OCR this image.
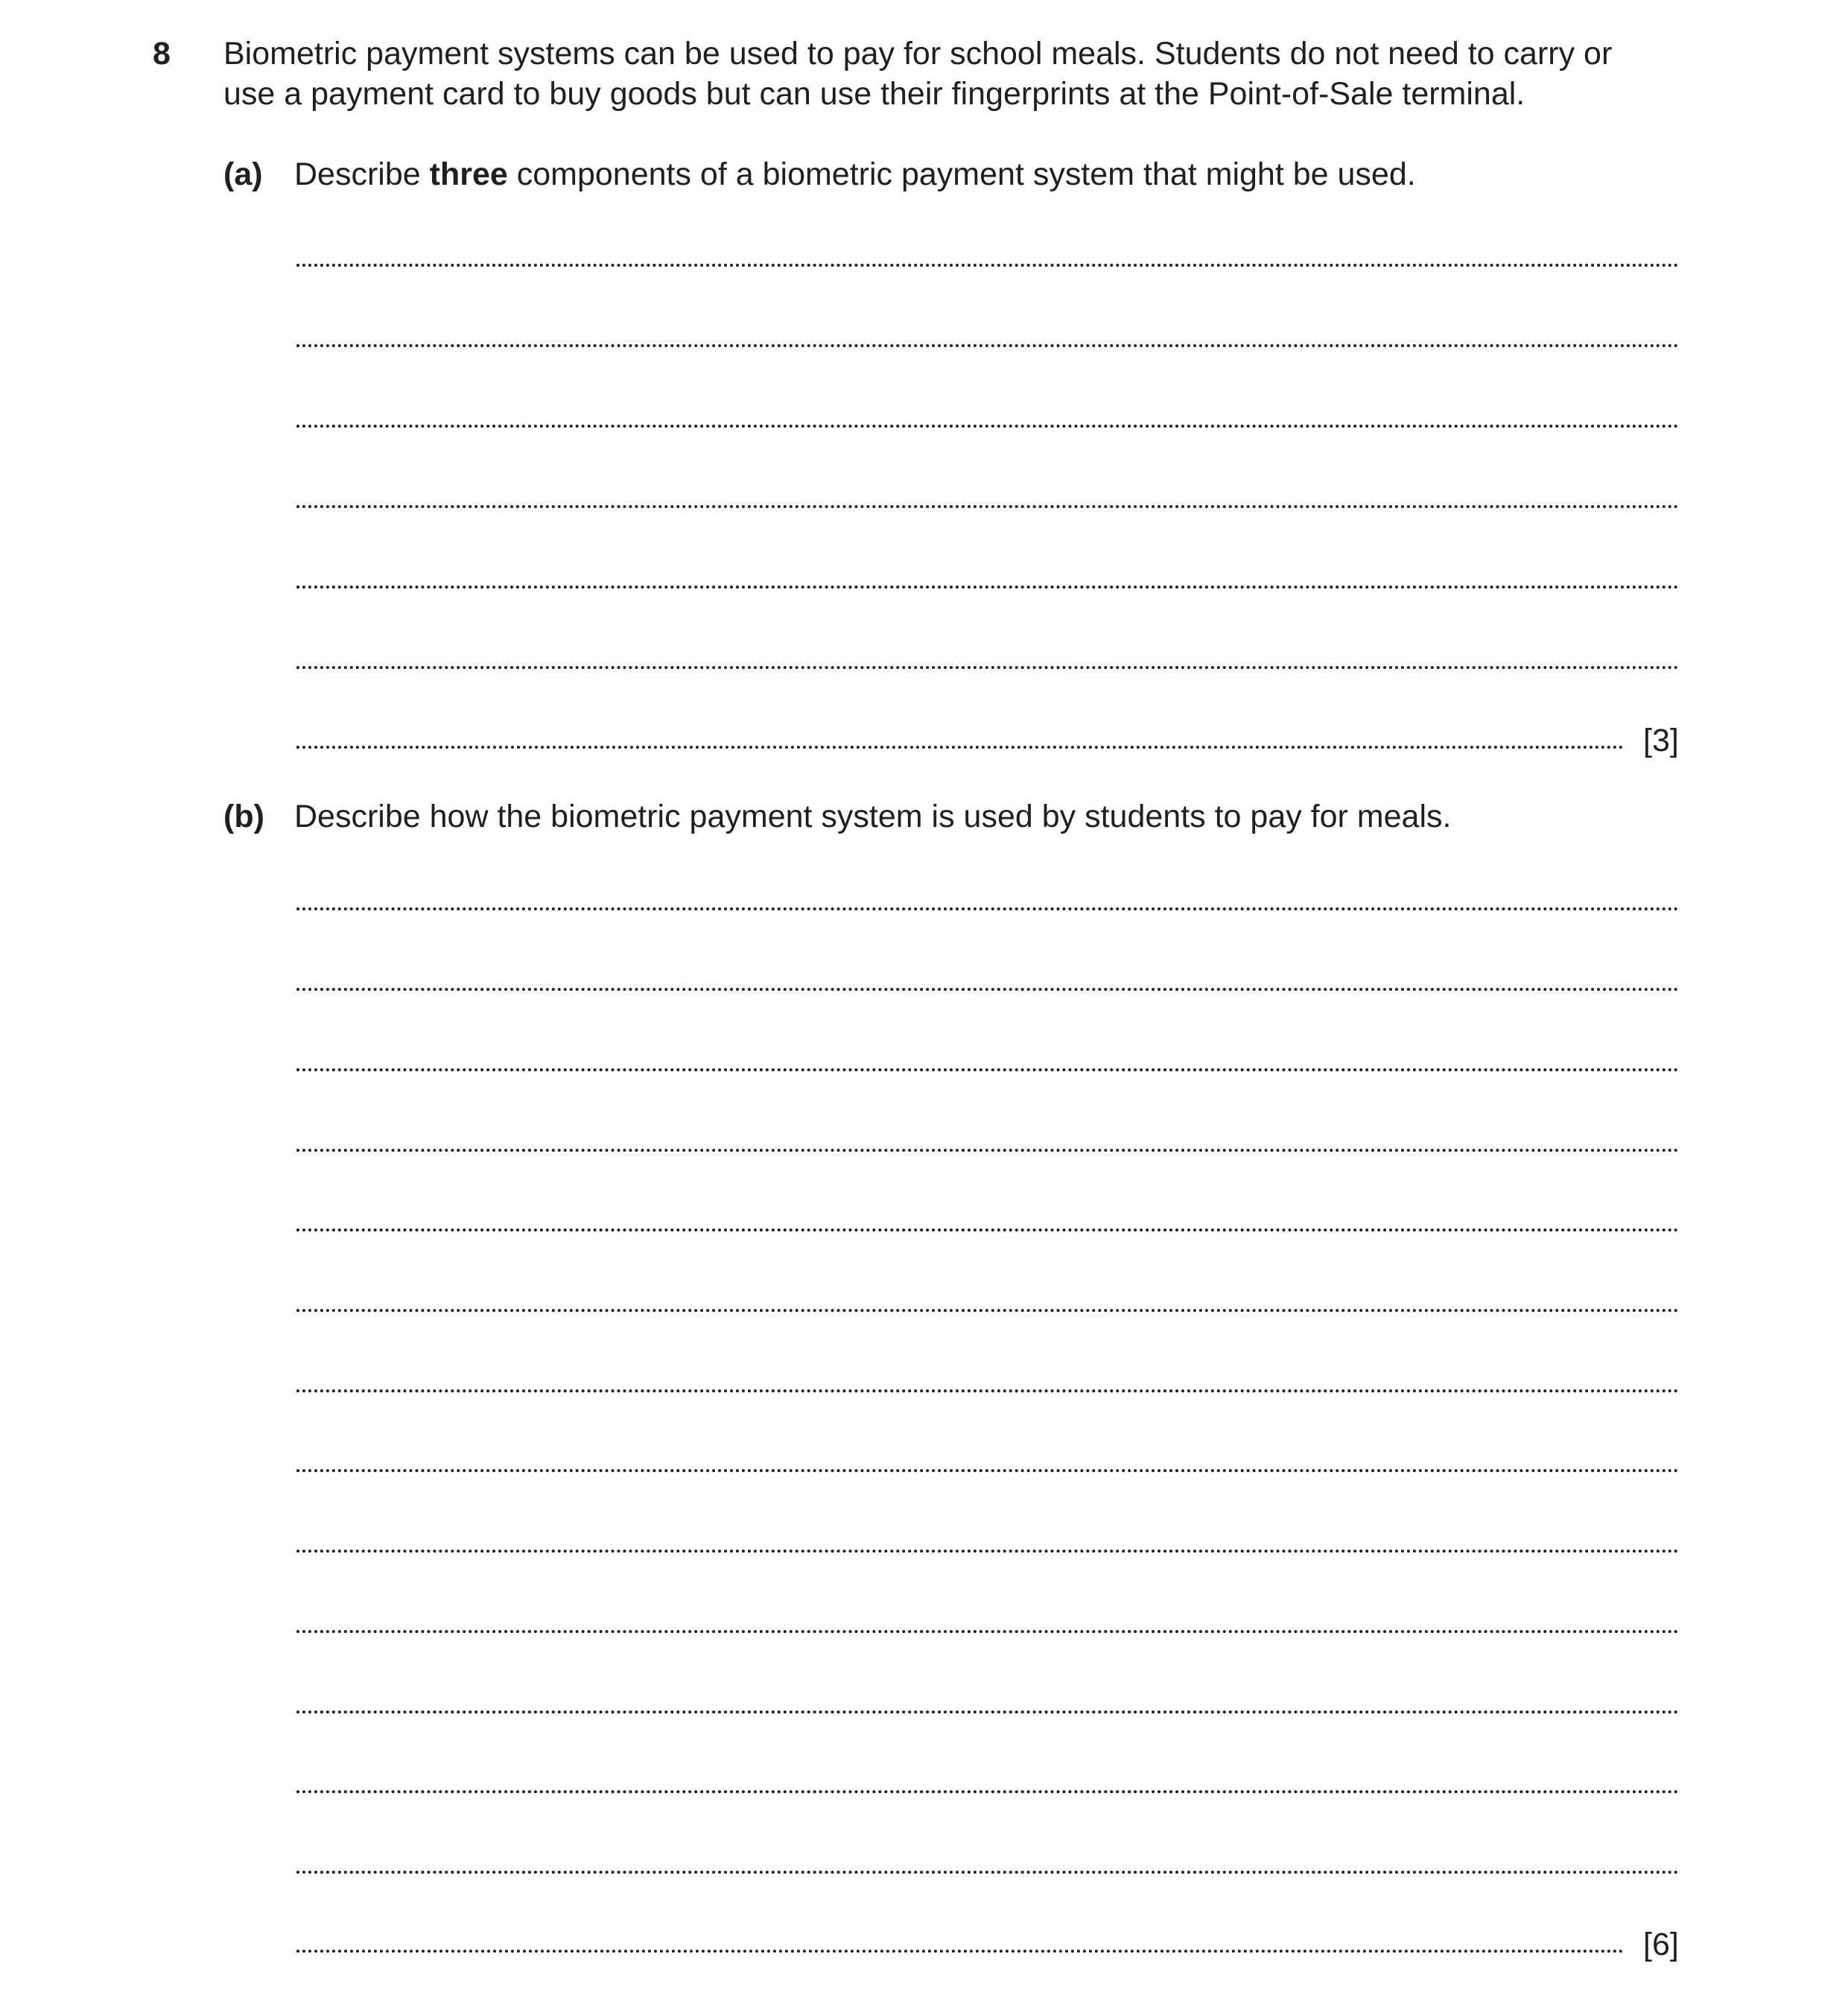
8 Biometric payment systems can be used to pay for school meals. Students do not need to carry or
use a payment card to buy goods but can use their fingerprints at the Point-of-Sale terminal.
(a) Describe three components of a biometric payment system that might be used.
[3]
(b) Describe how the biometric payment system is used by students to pay for meals.
[6]
